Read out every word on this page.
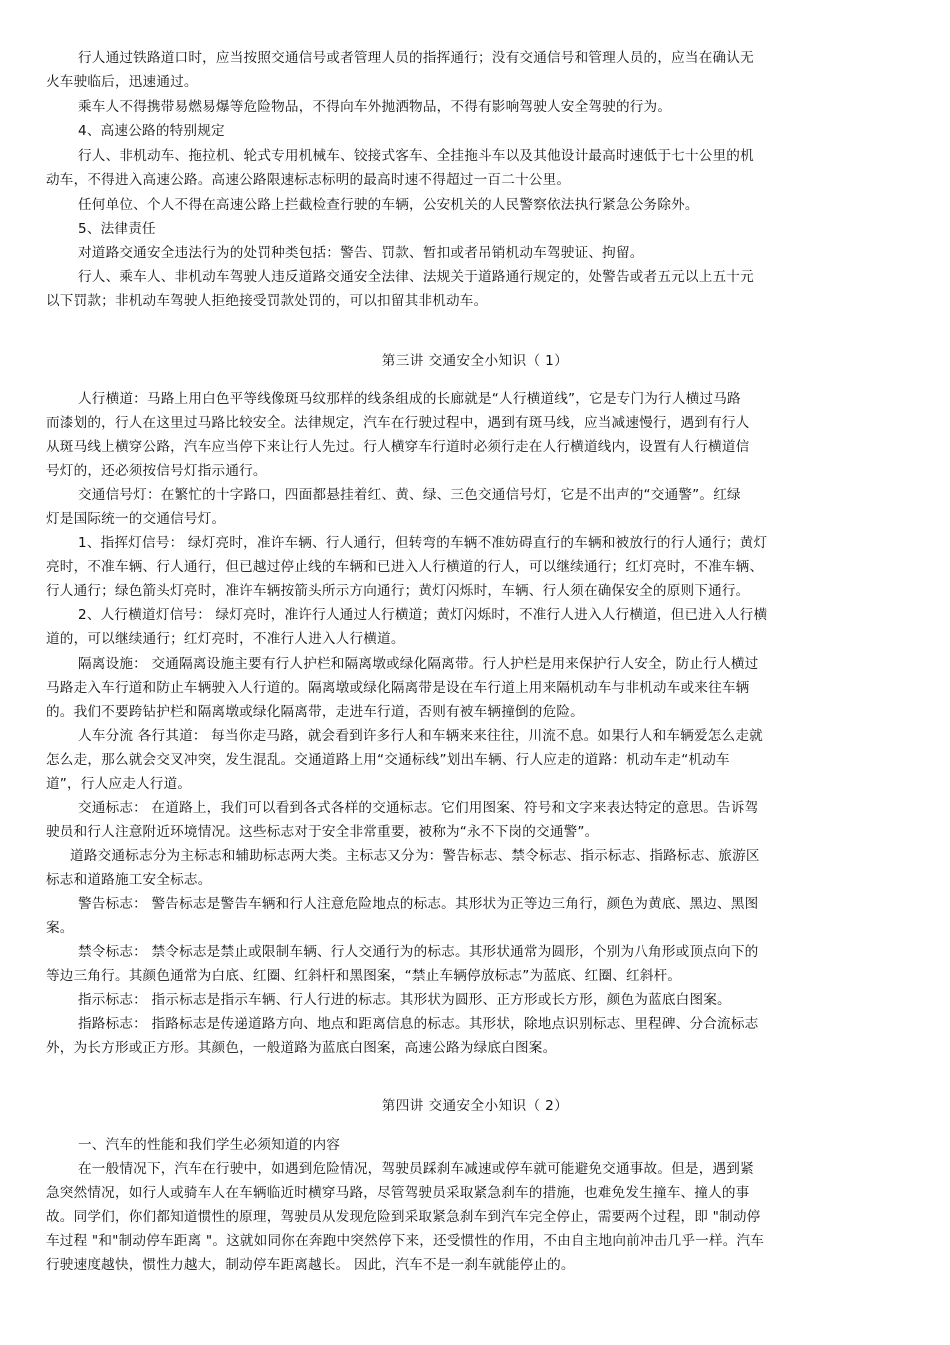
行人通过铁路道口时，应当按照交通信号或者管理人员的指挥通行；没有交通信号和管理人员的，应当在确认无
火车驶临后，迅速通过。
乘车人不得携带易燃易爆等危险物品，不得向车外抛洒物品，不得有影响驾驶人安全驾驶的行为。
4、高速公路的特别规定
行人、非机动车、拖拉机、轮式专用机械车、铰接式客车、全挂拖斗车以及其他设计最高时速低于七十公里的机
动车，不得进入高速公路。高速公路限速标志标明的最高时速不得超过一百二十公里。
任何单位、个人不得在高速公路上拦截检查行驶的车辆，公安机关的人民警察依法执行紧急公务除外。
5、法律责任
对道路交通安全违法行为的处罚种类包括：警告、罚款、暂扣或者吊销机动车驾驶证、拘留。
行人、乘车人、非机动车驾驶人违反道路交通安全法律、法规关于道路通行规定的，处警告或者五元以上五十元
以下罚款；非机动车驾驶人拒绝接受罚款处罚的，可以扣留其非机动车。
第三讲 交通安全小知识（ 1）
人行横道：马路上用白色平等线像斑马纹那样的线条组成的长廊就是“人行横道线”，它是专门为行人横过马路
而漆划的，行人在这里过马路比较安全。法律规定，汽车在行驶过程中，遇到有斑马线，应当减速慢行，遇到有行人
从斑马线上横穿公路，汽车应当停下来让行人先过。行人横穿车行道时必须行走在人行横道线内，设置有人行横道信
号灯的，还必须按信号灯指示通行。
交通信号灯：在繁忙的十字路口，四面都悬挂着红、黄、绿、三色交通信号灯，它是不出声的“交通警”。红绿
灯是国际统一的交通信号灯。
1、指挥灯信号： 绿灯亮时，准许车辆、行人通行，但转弯的车辆不准妨碍直行的车辆和被放行的行人通行；黄灯
亮时，不准车辆、行人通行，但已越过停止线的车辆和已进入人行横道的行人，可以继续通行；红灯亮时，不准车辆、
行人通行；绿色箭头灯亮时，准许车辆按箭头所示方向通行；黄灯闪烁时，车辆、行人须在确保安全的原则下通行。
2、人行横道灯信号： 绿灯亮时，准许行人通过人行横道；黄灯闪烁时，不准行人进入人行横道，但已进入人行横
道的，可以继续通行；红灯亮时，不准行人进入人行横道。
隔离设施： 交通隔离设施主要有行人护栏和隔离墩或绿化隔离带。行人护栏是用来保护行人安全，防止行人横过
马路走入车行道和防止车辆驶入人行道的。隔离墩或绿化隔离带是设在车行道上用来隔机动车与非机动车或来往车辆
的。我们不要跨钻护栏和隔离墩或绿化隔离带，走进车行道，否则有被车辆撞倒的危险。
人车分流 各行其道： 每当你走马路，就会看到许多行人和车辆来来往往，川流不息。如果行人和车辆爱怎么走就
怎么走，那么就会交叉冲突，发生混乱。交通道路上用“交通标线”划出车辆、行人应走的道路：机动车走“机动车
道”，行人应走人行道。
交通标志： 在道路上，我们可以看到各式各样的交通标志。它们用图案、符号和文字来表达特定的意思。告诉驾
驶员和行人注意附近环境情况。这些标志对于安全非常重要，被称为“永不下岗的交通警”。
道路交通标志分为主标志和辅助标志两大类。主标志又分为：警告标志、禁令标志、指示标志、指路标志、旅游区
标志和道路施工安全标志。
警告标志： 警告标志是警告车辆和行人注意危险地点的标志。其形状为正等边三角行，颜色为黄底、黑边、黑图
案。
禁令标志： 禁令标志是禁止或限制车辆、行人交通行为的标志。其形状通常为圆形，个别为八角形或顶点向下的
等边三角行。其颜色通常为白底、红圈、红斜杆和黑图案，“禁止车辆停放标志”为蓝底、红圈、红斜杆。
指示标志： 指示标志是指示车辆、行人行进的标志。其形状为圆形、正方形或长方形，颜色为蓝底白图案。
指路标志： 指路标志是传递道路方向、地点和距离信息的标志。其形状，除地点识别标志、里程碑、分合流标志
外，为长方形或正方形。其颜色，一般道路为蓝底白图案，高速公路为绿底白图案。
第四讲 交通安全小知识（ 2）
一、汽车的性能和我们学生必须知道的内容
在一般情况下，汽车在行驶中，如遇到危险情况，驾驶员踩刹车减速或停车就可能避免交通事故。但是，遇到紧
急突然情况，如行人或骑车人在车辆临近时横穿马路，尽管驾驶员采取紧急刹车的措施，也难免发生撞车、撞人的事
故。同学们，你们都知道惯性的原理，驾驶员从发现危险到采取紧急刹车到汽车完全停止，需要两个过程，即 "制动停
车过程 "和"制动停车距离 "。这就如同你在奔跑中突然停下来，还受惯性的作用，不由自主地向前冲击几乎一样。汽车
行驶速度越快，惯性力越大，制动停车距离越长。 因此，汽车不是一刹车就能停止的。
